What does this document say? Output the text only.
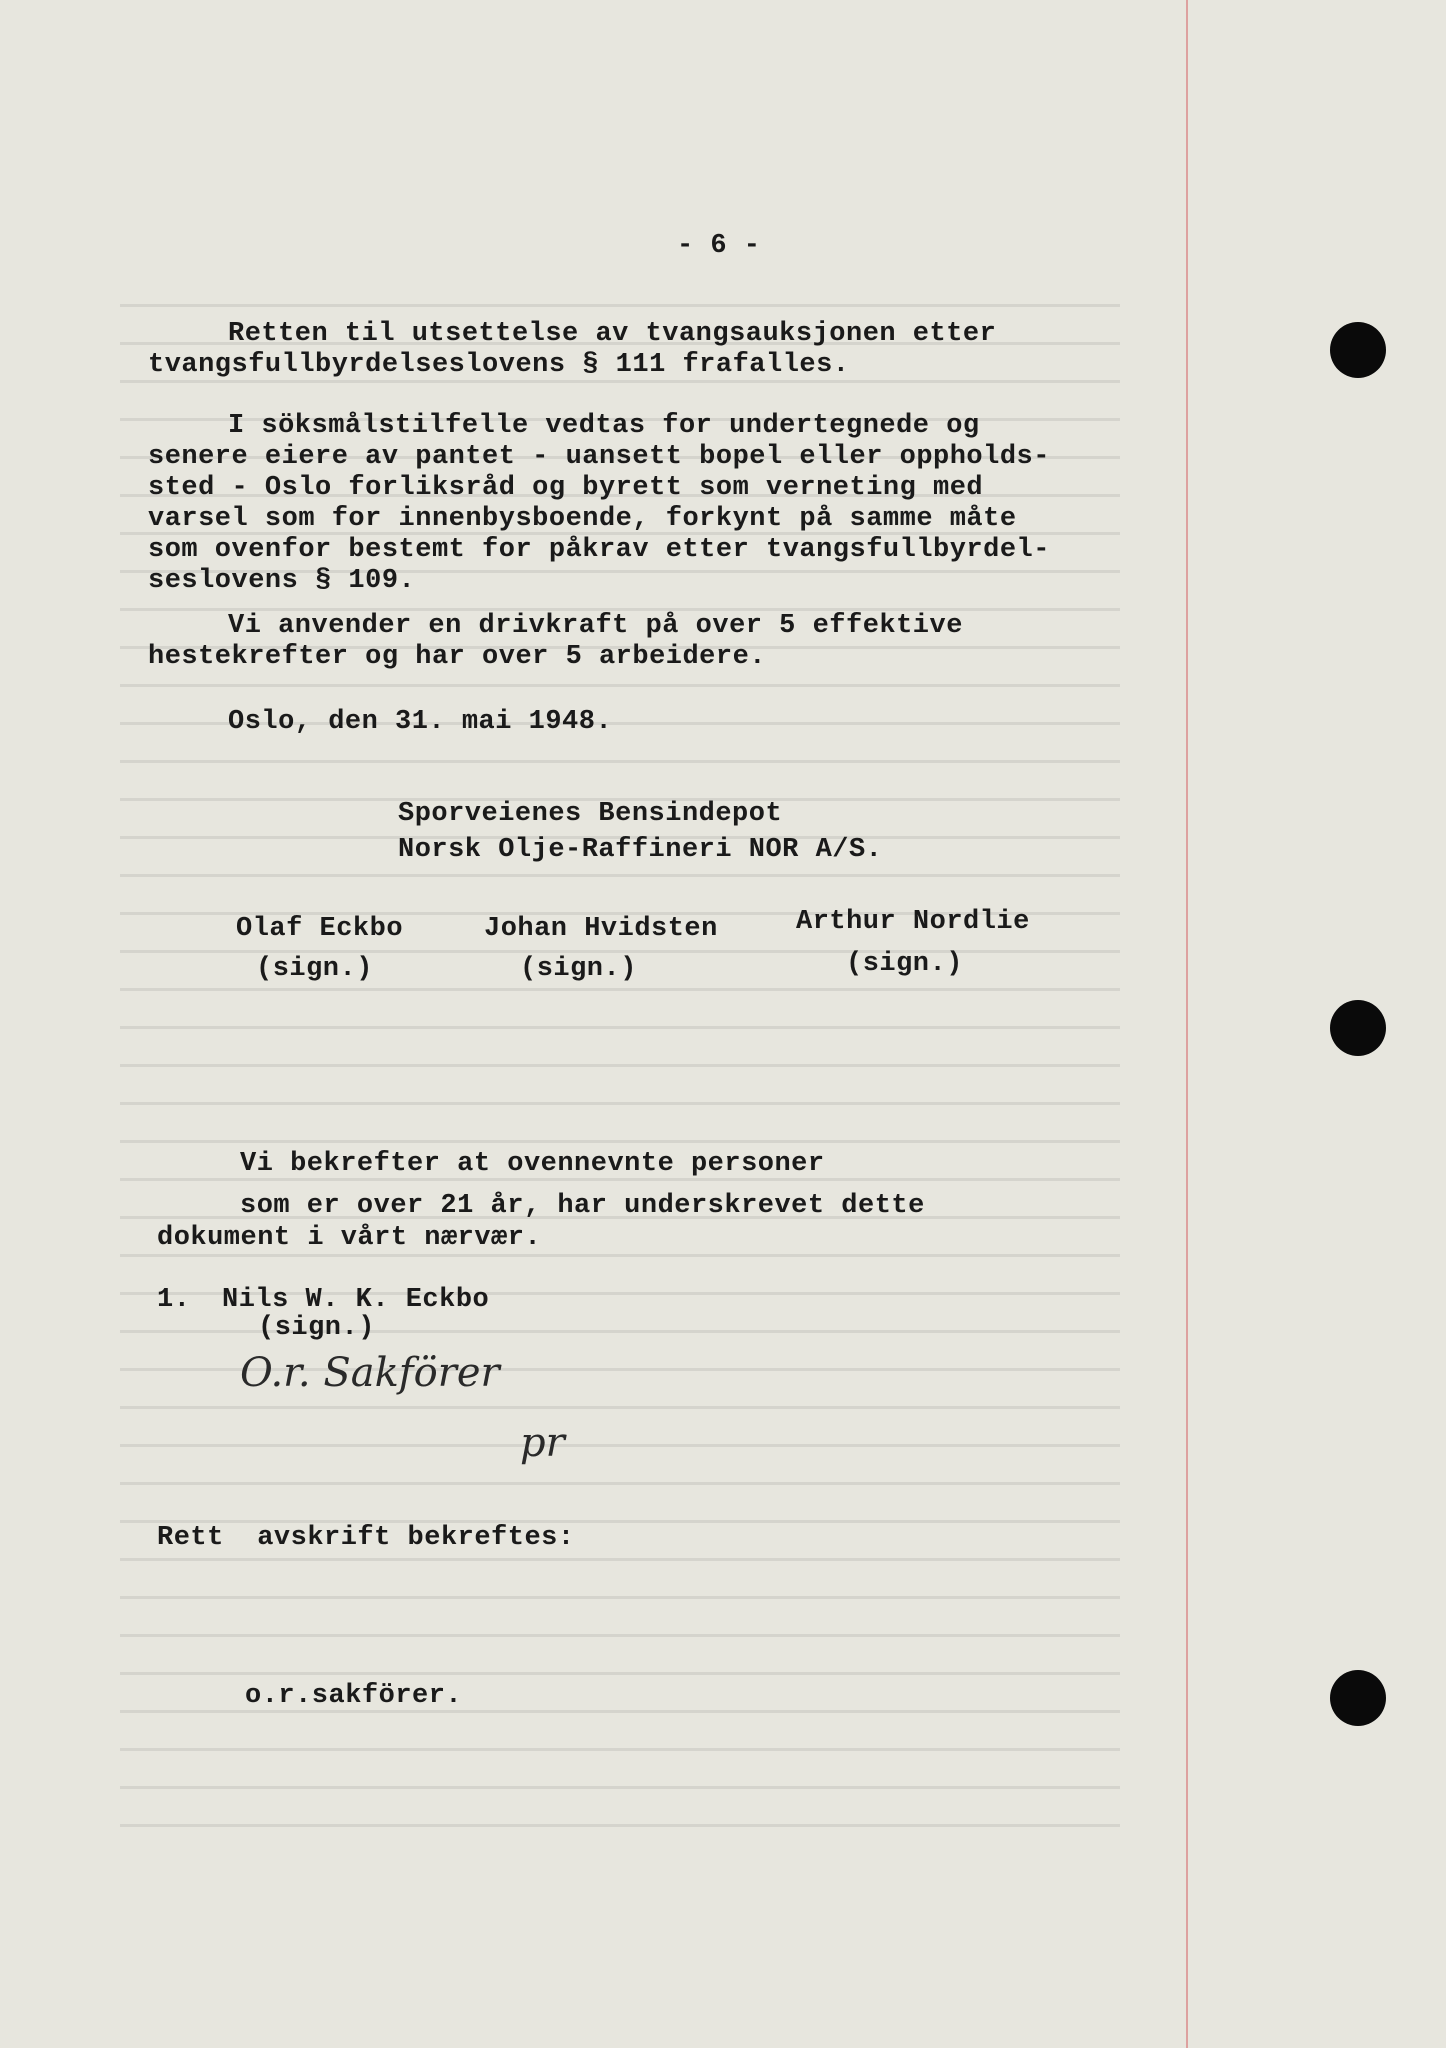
- 6 -
Retten til utsettelse av tvangsauksjonen etter
tvangsfullbyrdelseslovens § 111 frafalles.
I söksmålstilfelle vedtas for undertegnede og
senere eiere av pantet - uansett bopel eller oppholds-
sted - Oslo forliksråd og byrett som verneting med
varsel som for innenbysboende, forkynt på samme måte
som ovenfor bestemt for påkrav etter tvangsfullbyrdel-
seslovens § 109.
Vi anvender en drivkraft på over 5 effektive
hestekrefter og har over 5 arbeidere.
Oslo, den 31. mai 1948.
Sporveienes Bensindepot
Norsk Olje-Raffineri NOR A/S.
Olaf Eckbo
(sign.)
Johan Hvidsten
(sign.)
Arthur Nordlie
(sign.)
Vi bekrefter at ovennevnte personer
som er over 21 år, har underskrevet dette
dokument i vårt nærvær.
1. Nils W. K. Eckbo
(sign.)
O.r. Sakförer
pr
Rett  avskrift bekreftes:
o.r.sakförer.
